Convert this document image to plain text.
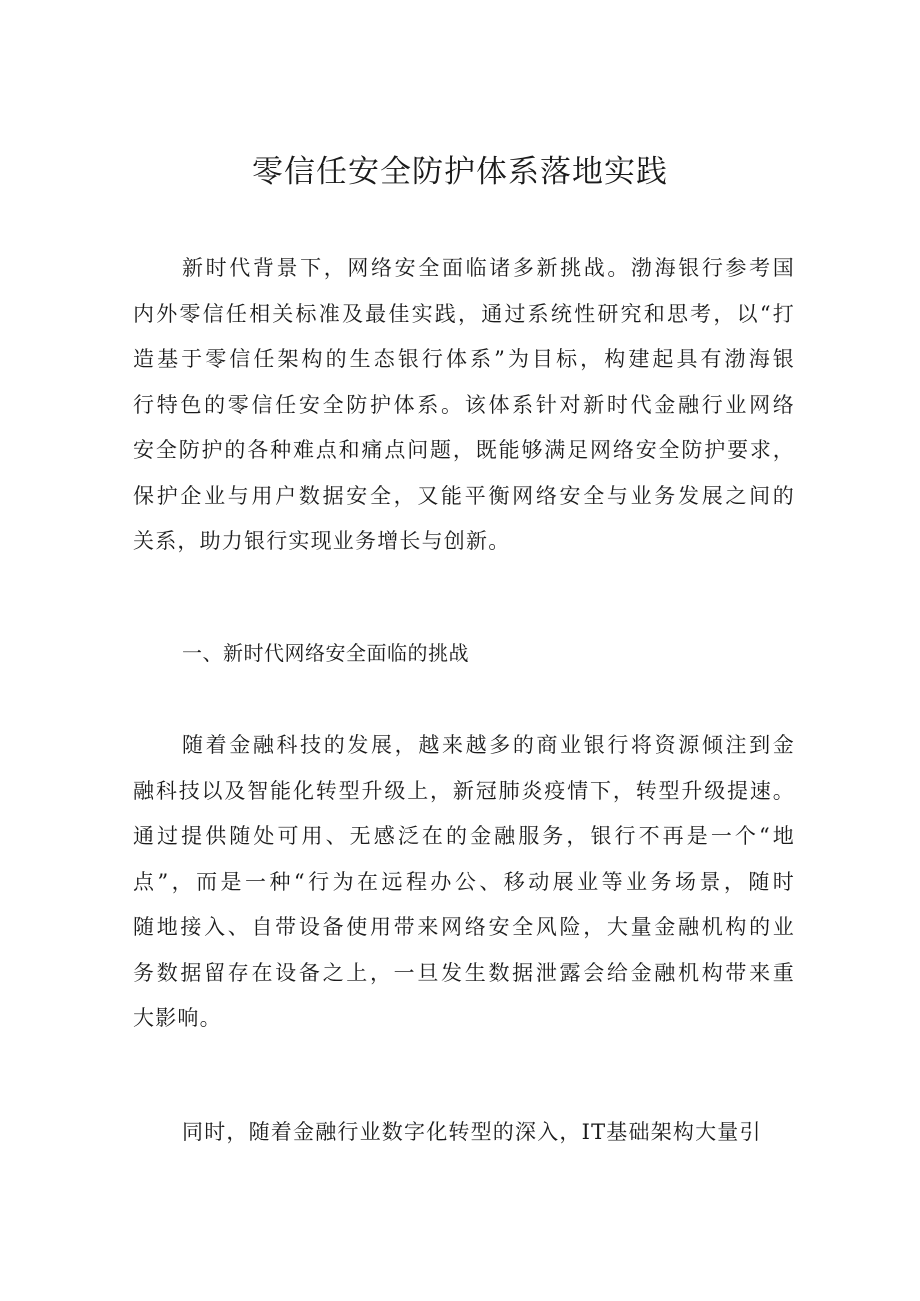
零信任安全防护体系落地实践
新时代背景下，网络安全面临诸多新挑战。渤海银行参考国
内外零信任相关标准及最佳实践，通过系统性研究和思考，以“打
造基于零信任架构的生态银行体系”为目标，构建起具有渤海银
行特色的零信任安全防护体系。该体系针对新时代金融行业网络
安全防护的各种难点和痛点问题，既能够满足网络安全防护要求，
保护企业与用户数据安全，又能平衡网络安全与业务发展之间的
关系，助力银行实现业务增长与创新。
一、新时代网络安全面临的挑战
随着金融科技的发展，越来越多的商业银行将资源倾注到金
融科技以及智能化转型升级上，新冠肺炎疫情下，转型升级提速。
通过提供随处可用、无感泛在的金融服务，银行不再是一个“地
点”，而是一种“行为在远程办公、移动展业等业务场景，随时
随地接入、自带设备使用带来网络安全风险，大量金融机构的业
务数据留存在设备之上，一旦发生数据泄露会给金融机构带来重
大影响。
同时，随着金融行业数字化转型的深入，IT基础架构大量引
